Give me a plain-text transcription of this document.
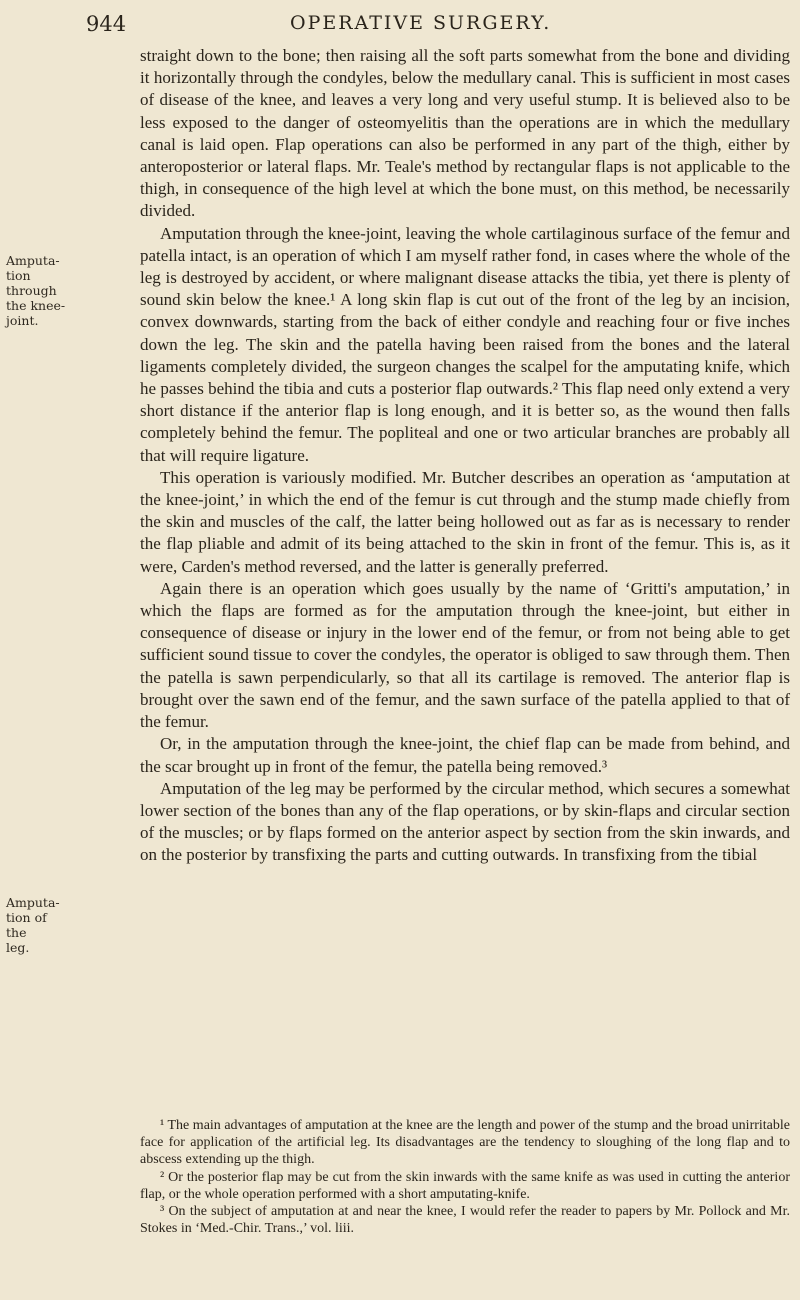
944	OPERATIVE SURGERY.
Amputa-
tion
through
the knee-
joint.
Amputa-
tion of the
leg.

straight down to the bone; then raising all the soft parts somewhat from the bone and dividing it horizontally through the condyles, below the medullary canal. This is sufficient in most cases of disease of the knee, and leaves a very long and very useful stump. It is believed also to be less exposed to the danger of osteomyelitis than the operations are in which the medullary canal is laid open. Flap operations can also be performed in any part of the thigh, either by anteroposterior or lateral flaps. Mr. Teale's method by rectangular flaps is not applicable to the thigh, in consequence of the high level at which the bone must, on this method, be necessarily divided.

Amputation through the knee-joint, leaving the whole cartilaginous surface of the femur and patella intact, is an operation of which I am myself rather fond, in cases where the whole of the leg is destroyed by accident, or where malignant disease attacks the tibia, yet there is plenty of sound skin below the knee.¹ A long skin flap is cut out of the front of the leg by an incision, convex downwards, starting from the back of either condyle and reaching four or five inches down the leg. The skin and the patella having been raised from the bones and the lateral ligaments completely divided, the surgeon changes the scalpel for the amputating knife, which he passes behind the tibia and cuts a posterior flap outwards.² This flap need only extend a very short distance if the anterior flap is long enough, and it is better so, as the wound then falls completely behind the femur. The popliteal and one or two articular branches are probably all that will require ligature.

This operation is variously modified. Mr. Butcher describes an operation as ‘amputation at the knee-joint,’ in which the end of the femur is cut through and the stump made chiefly from the skin and muscles of the calf, the latter being hollowed out as far as is necessary to render the flap pliable and admit of its being attached to the skin in front of the femur. This is, as it were, Carden's method reversed, and the latter is generally preferred.

Again there is an operation which goes usually by the name of ‘Gritti's amputation,’ in which the flaps are formed as for the amputation through the knee-joint, but either in consequence of disease or injury in the lower end of the femur, or from not being able to get sufficient sound tissue to cover the condyles, the operator is obliged to saw through them. Then the patella is sawn perpendicularly, so that all its cartilage is removed. The anterior flap is brought over the sawn end of the femur, and the sawn surface of the patella applied to that of the femur.

Or, in the amputation through the knee-joint, the chief flap can be made from behind, and the scar brought up in front of the femur, the patella being removed.³

Amputation of the leg may be performed by the circular method, which secures a somewhat lower section of the bones than any of the flap operations, or by skin-flaps and circular section of the muscles; or by flaps formed on the anterior aspect by section from the skin inwards, and on the posterior by transfixing the parts and cutting outwards. In transfixing from the tibial

¹ The main advantages of amputation at the knee are the length and power of the stump and the broad unirritable face for application of the artificial leg. Its disadvantages are the tendency to sloughing of the long flap and to abscess extending up the thigh.

² Or the posterior flap may be cut from the skin inwards with the same knife as was used in cutting the anterior flap, or the whole operation performed with a short amputating-knife.

³ On the subject of amputation at and near the knee, I would refer the reader to papers by Mr. Pollock and Mr. Stokes in ‘Med.-Chir. Trans.,’ vol. liii.
